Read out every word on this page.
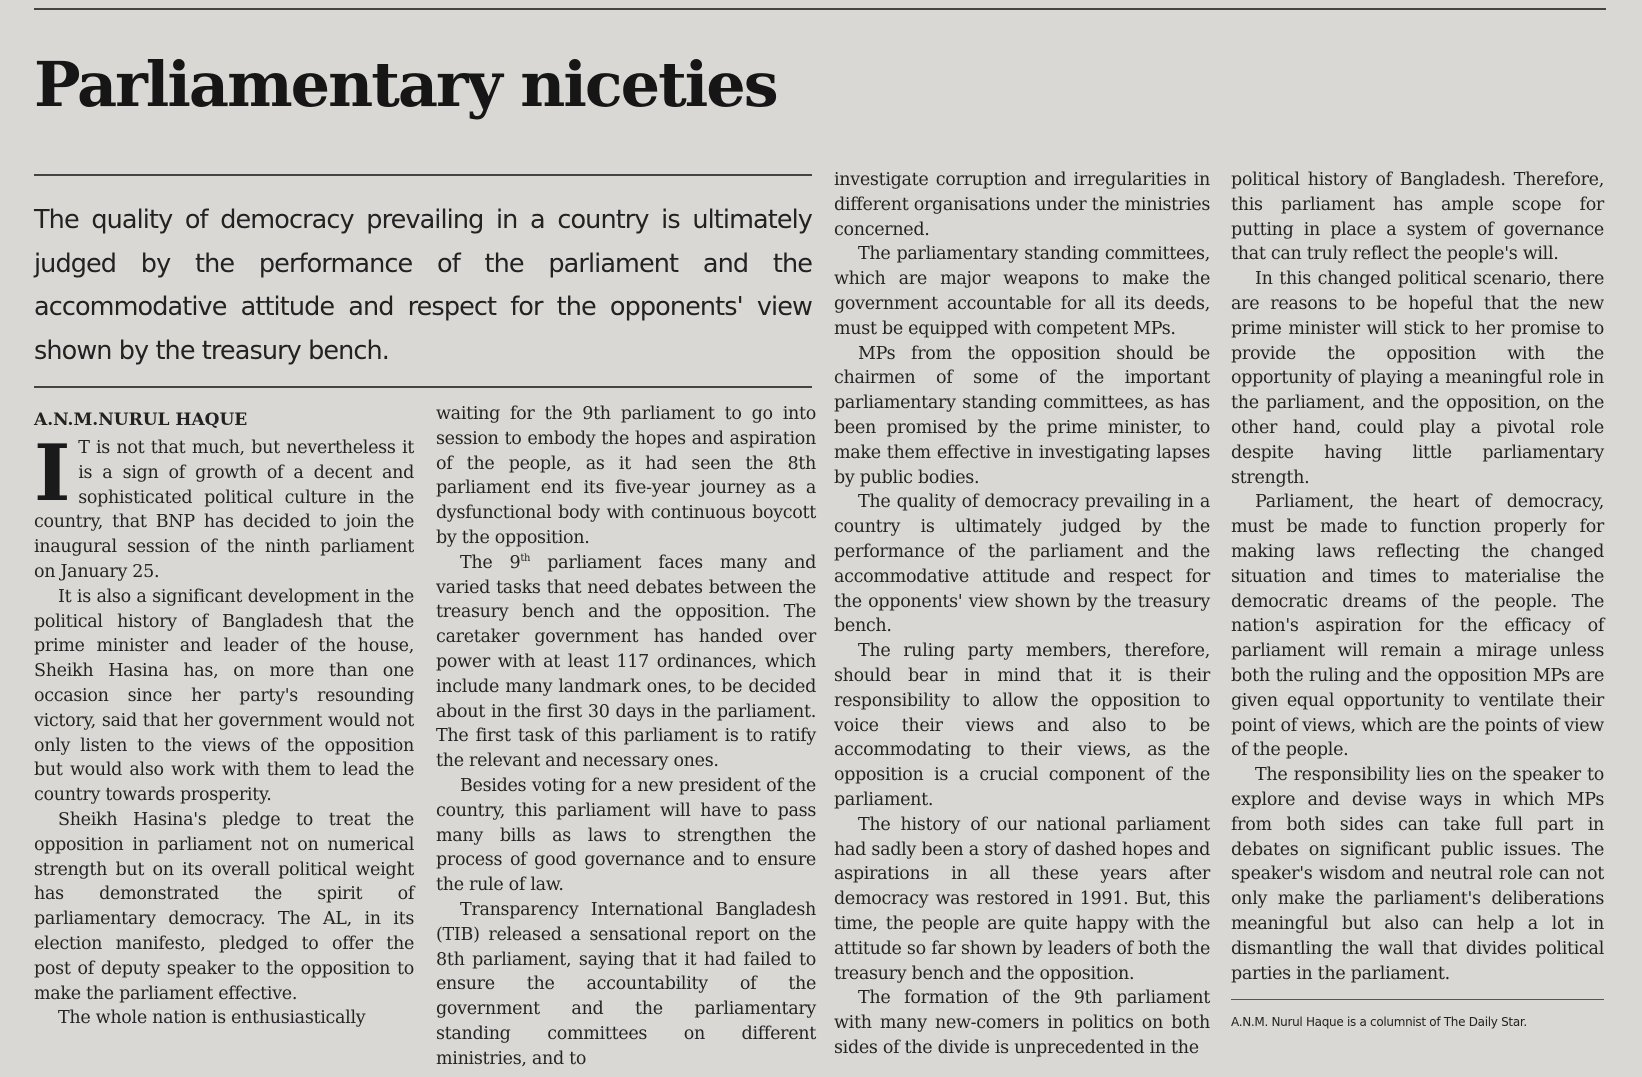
Parliamentary niceties

The quality of democracy prevailing in a country is ultimately judged by the performance of the parliament and the accommodative attitude and respect for the opponents' view shown by the treasury bench.

A.N.M.NURUL HAQUE

I T is not that much, but nevertheless it is a sign of growth of a decent and sophisticated political culture in the country, that BNP has decided to join the inaugural session of the ninth parliament on January 25.

It is also a significant development in the political history of Bangladesh that the prime minister and leader of the house, Sheikh Hasina has, on more than one occasion since her party's resounding victory, said that her government would not only listen to the views of the opposition but would also work with them to lead the country towards prosperity.

Sheikh Hasina's pledge to treat the opposition in parliament not on numerical strength but on its overall political weight has demonstrated the spirit of parliamentary democracy. The AL, in its election manifesto, pledged to offer the post of deputy speaker to the opposition to make the parliament effective.

The whole nation is enthusiastically

waiting for the 9th parliament to go into session to embody the hopes and aspiration of the people, as it had seen the 8th parliament end its five-year journey as a dysfunctional body with continuous boycott by the opposition.

The 9th parliament faces many and varied tasks that need debates between the treasury bench and the opposition. The caretaker government has handed over power with at least 117 ordinances, which include many landmark ones, to be decided about in the first 30 days in the parliament. The first task of this parliament is to ratify the relevant and necessary ones.

Besides voting for a new president of the country, this parliament will have to pass many bills as laws to strengthen the process of good governance and to ensure the rule of law.

Transparency International Bangladesh (TIB) released a sensational report on the 8th parliament, saying that it had failed to ensure the accountability of the government and the parliamentary standing committees on different ministries, and to

investigate corruption and irregularities in different organisations under the ministries concerned.

The parliamentary standing committees, which are major weapons to make the government accountable for all its deeds, must be equipped with competent MPs.

MPs from the opposition should be chairmen of some of the important parliamentary standing committees, as has been promised by the prime minister, to make them effective in investigating lapses by public bodies.

The quality of democracy prevailing in a country is ultimately judged by the performance of the parliament and the accommodative attitude and respect for the opponents' view shown by the treasury bench.

The ruling party members, therefore, should bear in mind that it is their responsibility to allow the opposition to voice their views and also to be accommodating to their views, as the opposition is a crucial component of the parliament.

The history of our national parliament had sadly been a story of dashed hopes and aspirations in all these years after democracy was restored in 1991. But, this time, the people are quite happy with the attitude so far shown by leaders of both the treasury bench and the opposition.

The formation of the 9th parliament with many new-comers in politics on both sides of the divide is unprecedented in the

political history of Bangladesh. Therefore, this parliament has ample scope for putting in place a system of governance that can truly reflect the people's will.

In this changed political scenario, there are reasons to be hopeful that the new prime minister will stick to her promise to provide the opposition with the opportunity of playing a meaningful role in the parliament, and the opposition, on the other hand, could play a pivotal role despite having little parliamentary strength.

Parliament, the heart of democracy, must be made to function properly for making laws reflecting the changed situation and times to materialise the democratic dreams of the people. The nation's aspiration for the efficacy of parliament will remain a mirage unless both the ruling and the opposition MPs are given equal opportunity to ventilate their point of views, which are the points of view of the people.

The responsibility lies on the speaker to explore and devise ways in which MPs from both sides can take full part in debates on significant public issues. The speaker's wisdom and neutral role can not only make the parliament's deliberations meaningful but also can help a lot in dismantling the wall that divides political parties in the parliament.

A.N.M. Nurul Haque is a columnist of The Daily Star.
